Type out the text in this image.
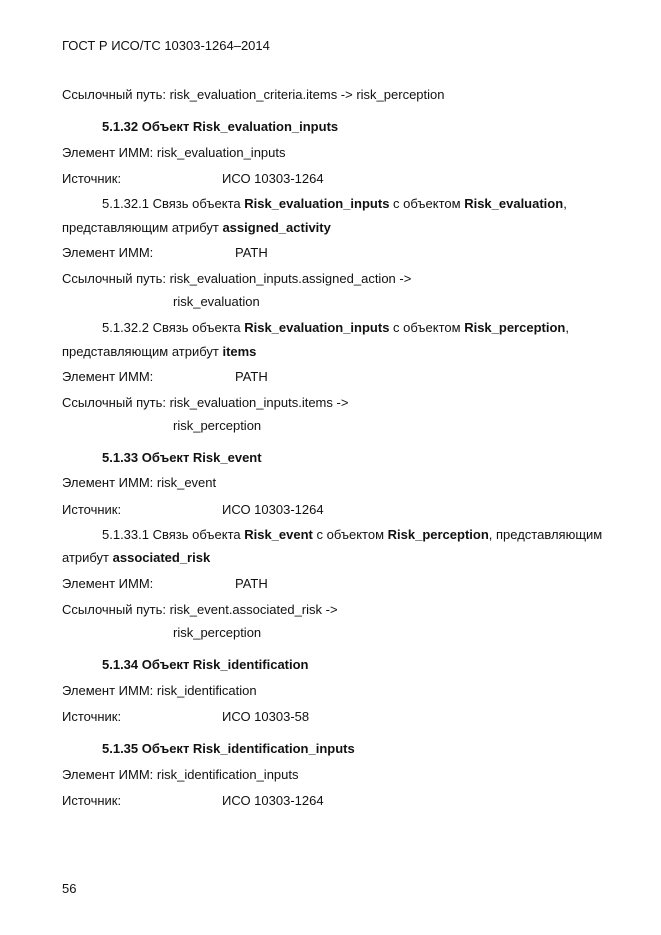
ГОСТ Р ИСО/ТС 10303-1264–2014
Ссылочный путь: risk_evaluation_criteria.items -> risk_perception
5.1.32 Объект Risk_evaluation_inputs
Элемент ИММ: risk_evaluation_inputs
Источник:	ИСО 10303-1264
5.1.32.1 Связь объекта Risk_evaluation_inputs с объектом Risk_evaluation,
представляющим атрибут assigned_activity
Элемент ИММ:	PATH
Ссылочный путь: risk_evaluation_inputs.assigned_action ->
risk_evaluation
5.1.32.2 Связь объекта Risk_evaluation_inputs с объектом Risk_perception,
представляющим атрибут items
Элемент ИММ:	PATH
Ссылочный путь: risk_evaluation_inputs.items ->
risk_perception
5.1.33 Объект Risk_event
Элемент ИММ: risk_event
Источник:	ИСО 10303-1264
5.1.33.1 Связь объекта Risk_event с объектом Risk_perception, представляющим
атрибут associated_risk
Элемент ИММ:	PATH
Ссылочный путь: risk_event.associated_risk ->
risk_perception
5.1.34 Объект Risk_identification
Элемент ИММ: risk_identification
Источник:	ИСО 10303-58
5.1.35 Объект Risk_identification_inputs
Элемент ИММ: risk_identification_inputs
Источник:	ИСО 10303-1264
56
